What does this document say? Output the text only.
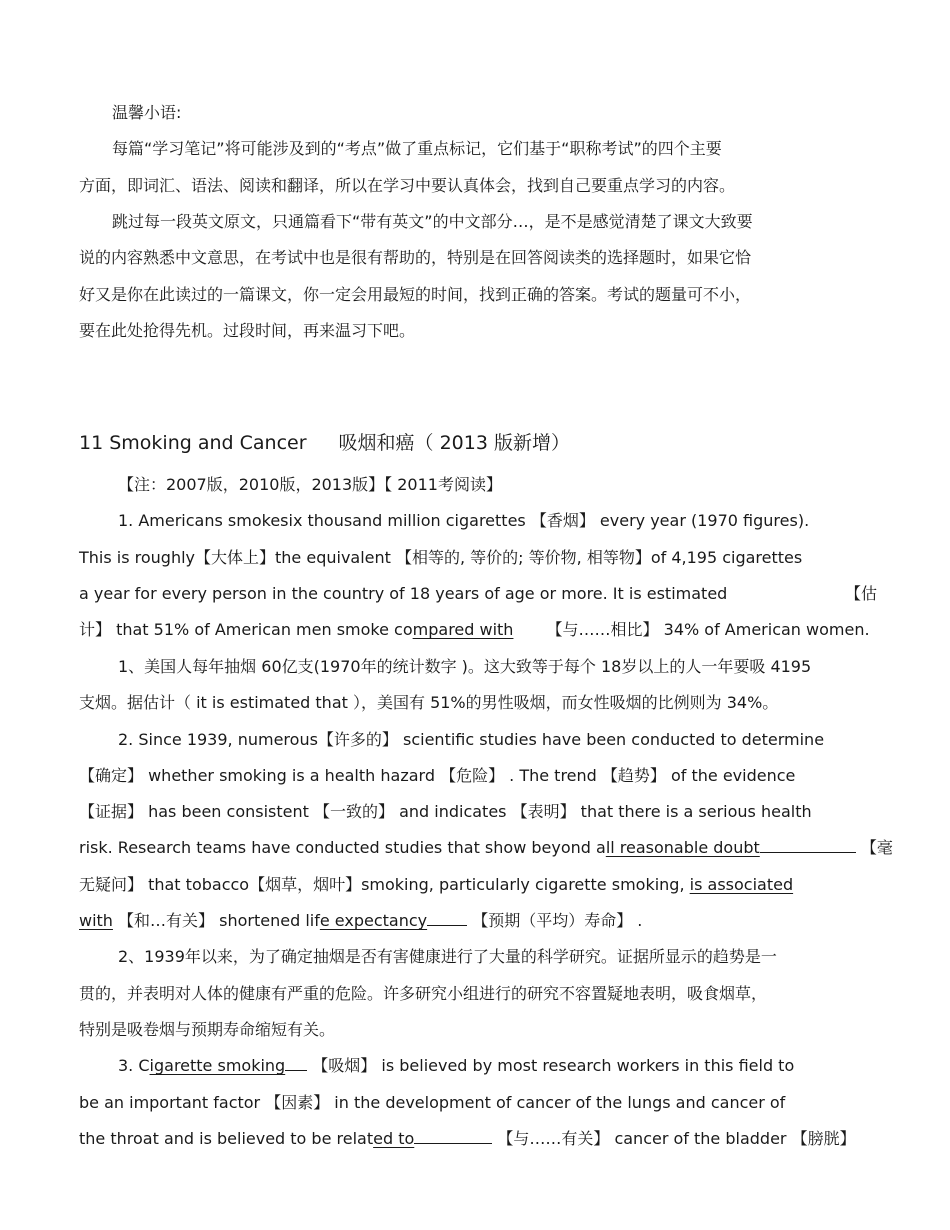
温馨小语:
每篇“学习笔记”将可能涉及到的“考点”做了重点标记，它们基于“职称考试”的四个主要
方面，即词汇、语法、阅读和翻译，所以在学习中要认真体会，找到自己要重点学习的内容。
跳过每一段英文原文，只通篇看下“带有英文”的中文部分…，是不是感觉清楚了课文大致要
说的内容熟悉中文意思，在考试中也是很有帮助的，特别是在回答阅读类的选择题时，如果它恰
好又是你在此读过的一篇课文，你一定会用最短的时间，找到正确的答案。考试的题量可不小，
要在此处抢得先机。过段时间，再来温习下吧。
11 Smoking and Cancer 吸烟和癌（ 2013 版新增）
【注：2007版，2010版，2013版】【 2011考阅读】
1. Americans smokesix thousand million cigarettes 【香烟】 every year (1970 figures).
This is roughly【大体上】the equivalent 【相等的, 等价的; 等价物, 相等物】of 4,195 cigarettes
a year for every person in the country of 18 years of age or more. It is estimated	【估
计】 that 51% of American men smoke compared with 【与……相比】 34% of American women.
1、美国人每年抽烟 60亿支(1970年的统计数字 )。这大致等于每个 18岁以上的人一年要吸 4195
支烟。据估计（ it is estimated that ），美国有 51%的男性吸烟，而女性吸烟的比例则为 34%。
2. Since 1939, numerous【许多的】 scientific studies have been conducted to determine
【确定】 whether smoking is a health hazard 【危险】 . The trend 【趋势】 of the evidence
【证据】 has been consistent 【一致的】 and indicates 【表明】 that there is a serious health
risk. Research teams have conducted studies that show beyond all reasonable doubt	【毫
无疑问】 that tobacco【烟草，烟叶】smoking, particularly cigarette smoking, is associated
with 【和…有关】 shortened life expectancy	【预期（平均）寿命】 .
2、1939年以来，为了确定抽烟是否有害健康进行了大量的科学研究。证据所显示的趋势是一
贯的，并表明对人体的健康有严重的危险。许多研究小组进行的研究不容置疑地表明，吸食烟草，
特别是吸卷烟与预期寿命缩短有关。
3. Cigarette smoking 【吸烟】 is believed by most research workers in this field to
be an important factor 【因素】 in the development of cancer of the lungs and cancer of
the throat and is believed to be related to	【与……有关】 cancer of the bladder 【膀胱】
